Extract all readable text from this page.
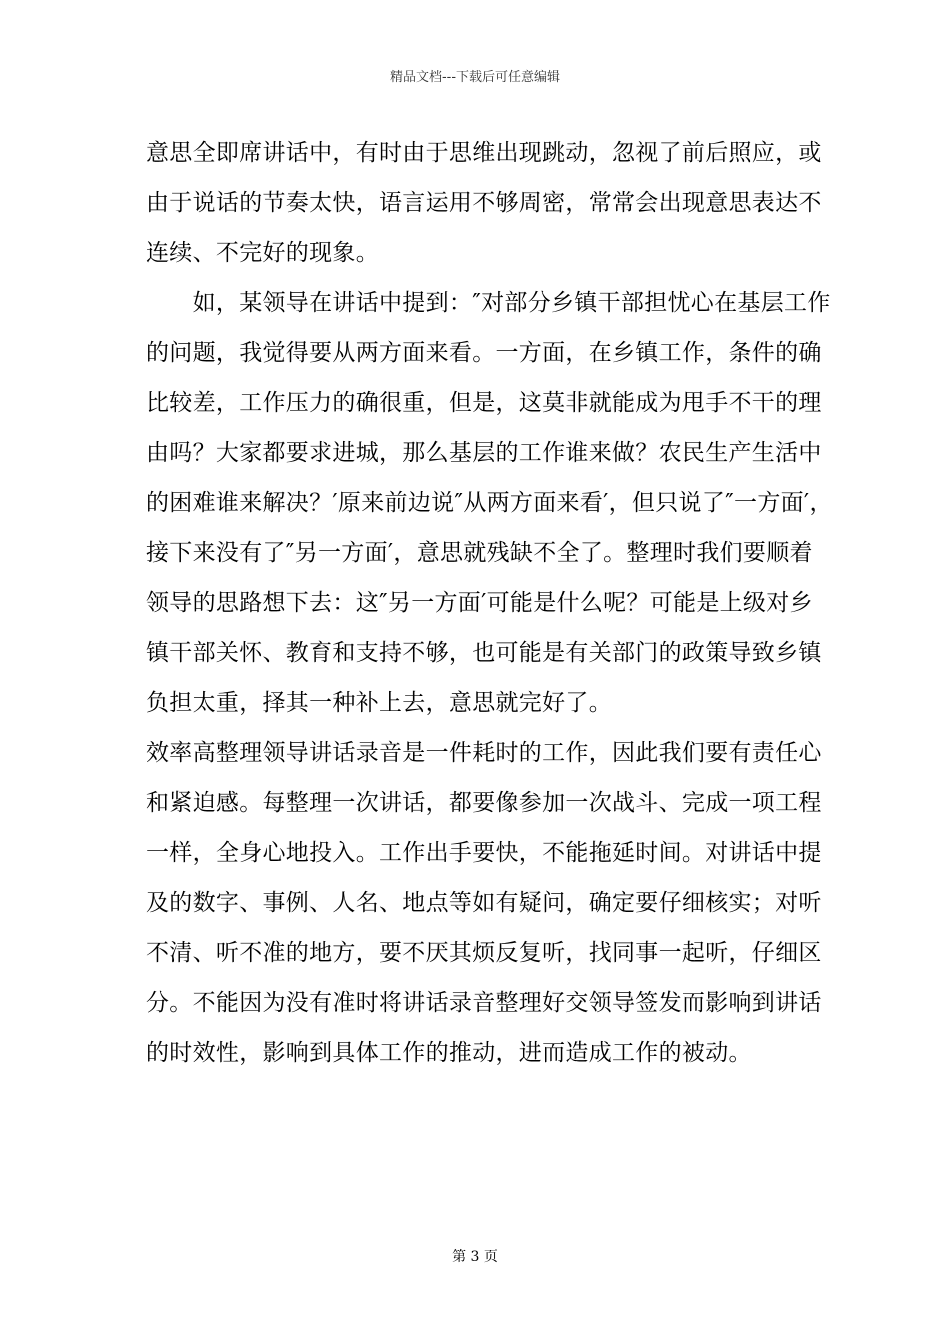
精品文档---下载后可任意编辑
意思全即席讲话中，有时由于思维出现跳动，忽视了前后照应，或
由于说话的节奏太快，语言运用不够周密，常常会出现意思表达不
连续、不完好的现象。
　　如，某领导在讲话中提到：″对部分乡镇干部担忧心在基层工作
的问题，我觉得要从两方面来看。一方面，在乡镇工作，条件的确
比较差，工作压力的确很重，但是，这莫非就能成为甩手不干的理
由吗？大家都要求进城，那么基层的工作谁来做？农民生产生活中
的困难谁来解决？′原来前边说″从两方面来看′，但只说了″一方面′，
接下来没有了″另一方面′，意思就残缺不全了。整理时我们要顺着
领导的思路想下去：这″另一方面′可能是什么呢？可能是上级对乡
镇干部关怀、教育和支持不够，也可能是有关部门的政策导致乡镇
负担太重，择其一种补上去，意思就完好了。
效率高整理领导讲话录音是一件耗时的工作，因此我们要有责任心
和紧迫感。每整理一次讲话，都要像参加一次战斗、完成一项工程
一样，全身心地投入。工作出手要快，不能拖延时间。对讲话中提
及的数字、事例、人名、地点等如有疑问，确定要仔细核实；对听
不清、听不准的地方，要不厌其烦反复听，找同事一起听，仔细区
分。不能因为没有准时将讲话录音整理好交领导签发而影响到讲话
的时效性，影响到具体工作的推动，进而造成工作的被动。
第 3 页
